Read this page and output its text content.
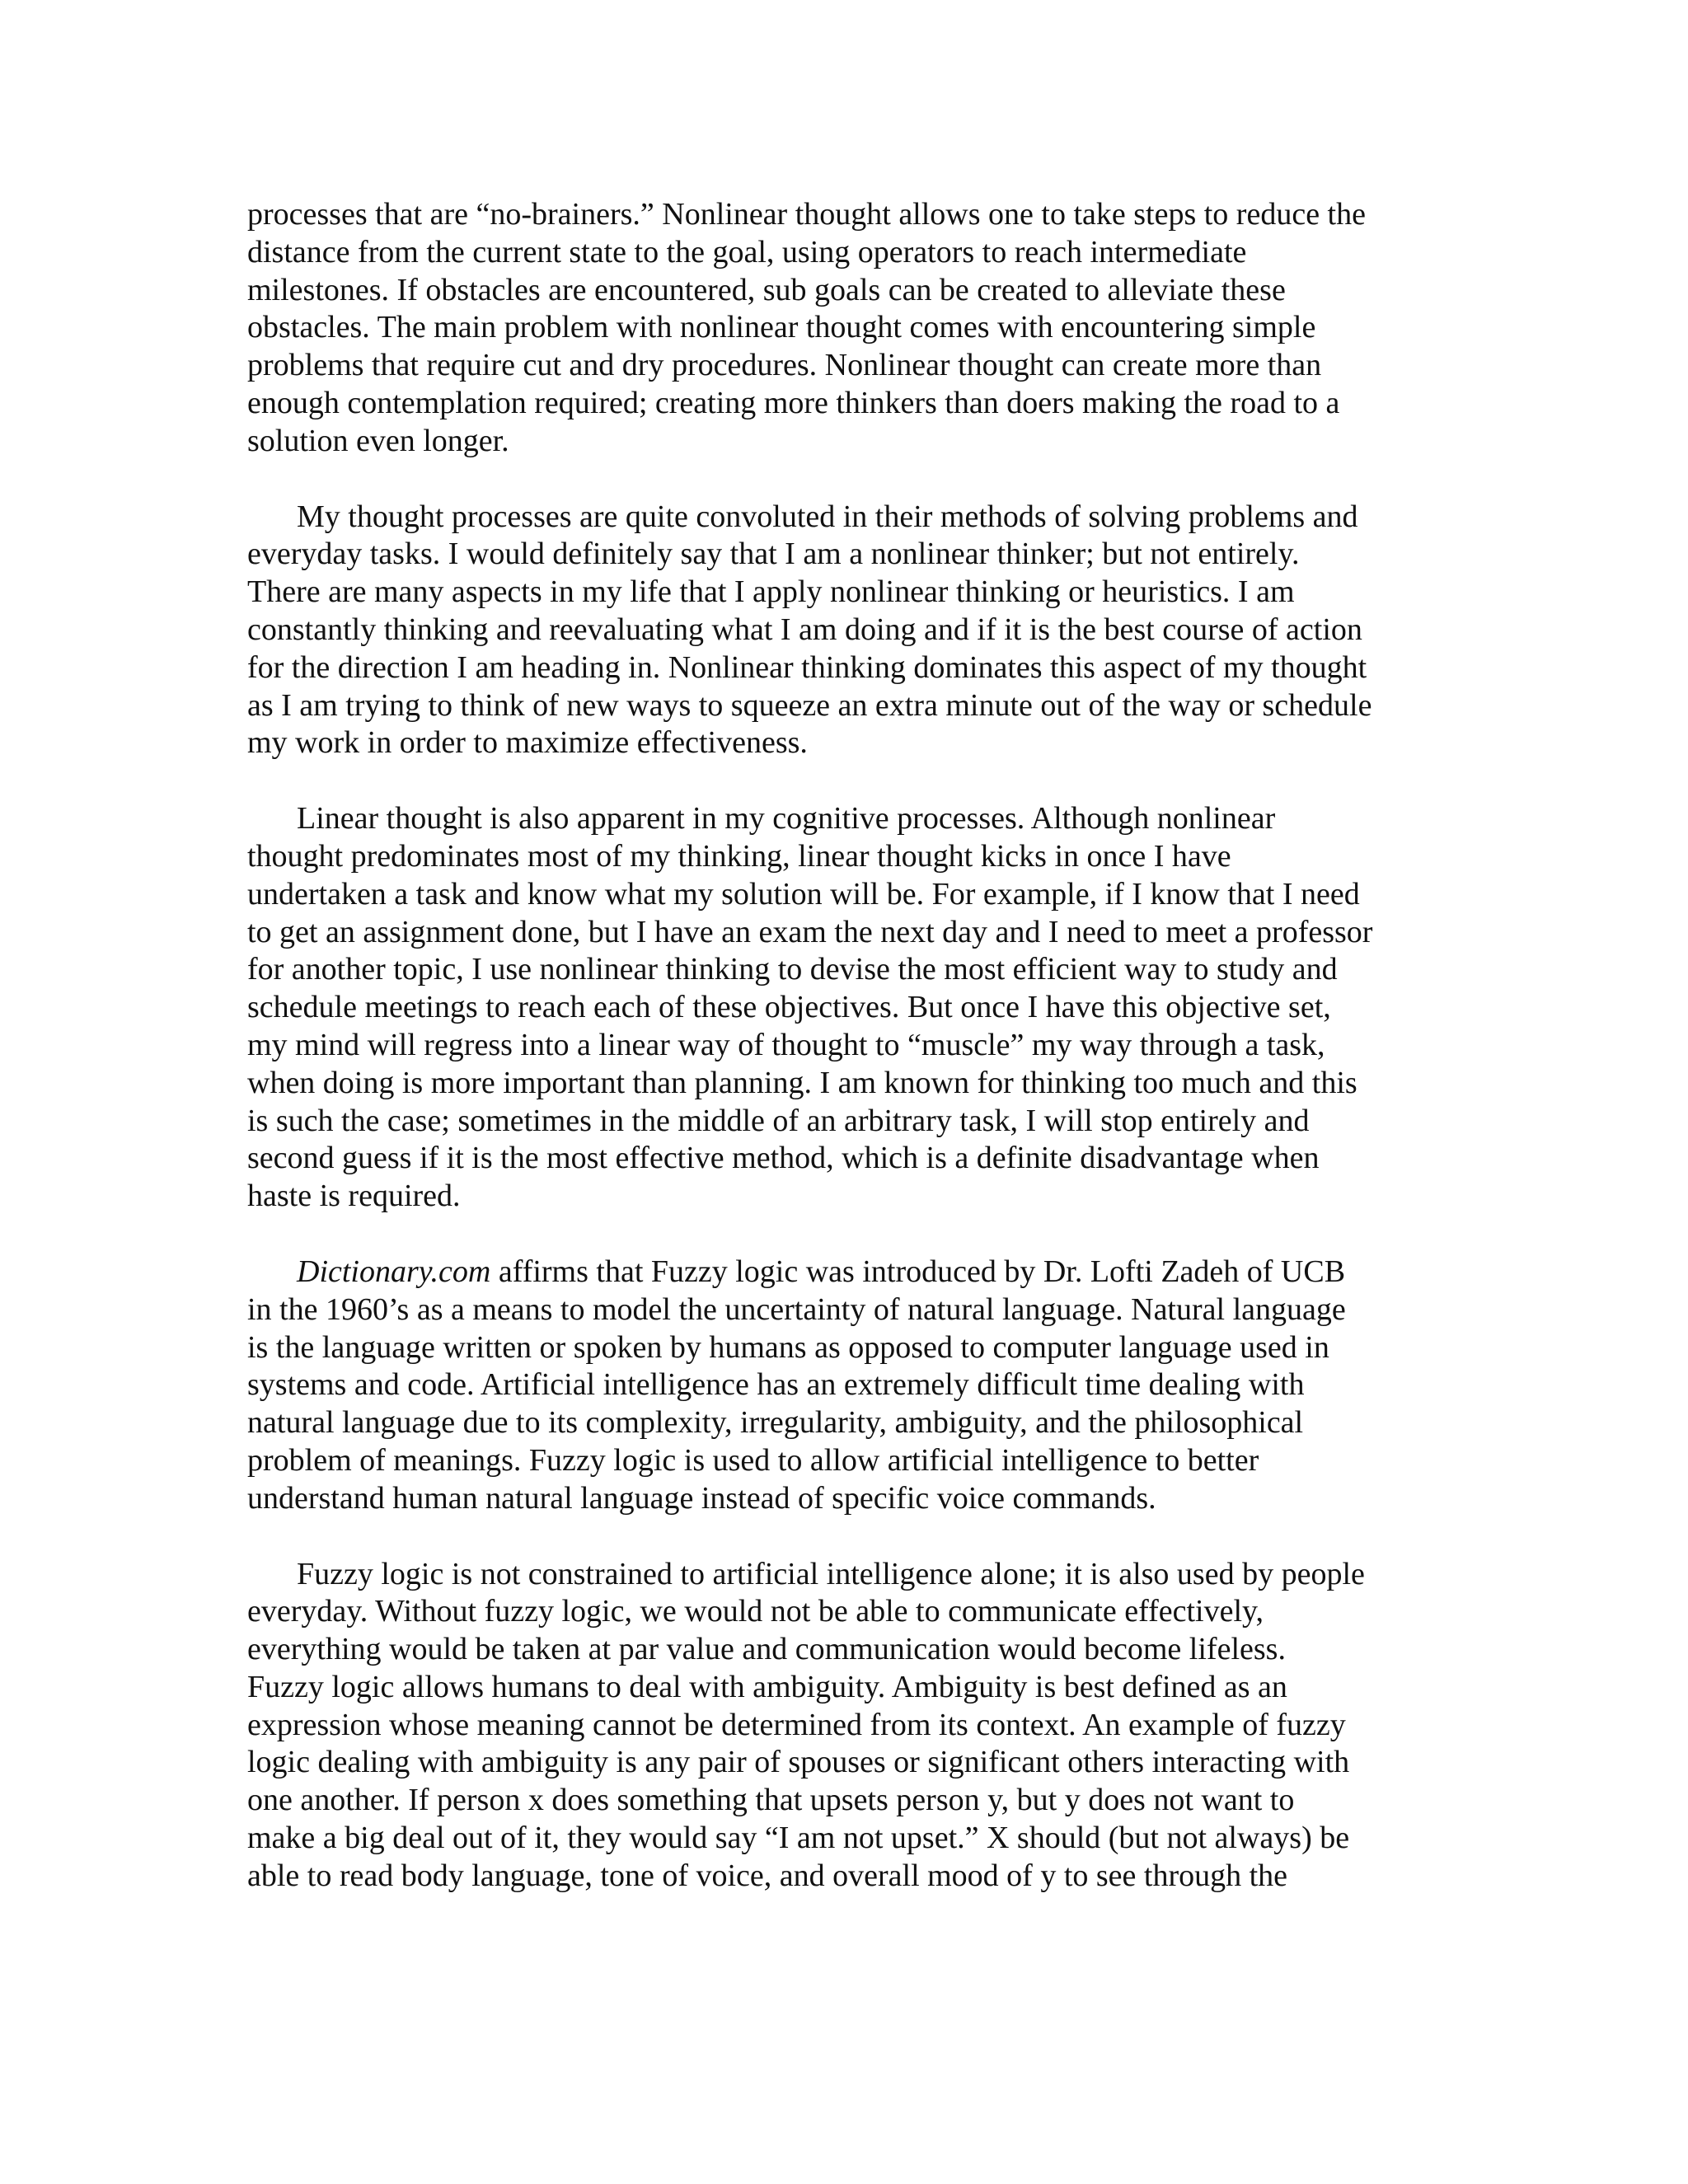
processes that are “no-brainers.” Nonlinear thought allows one to take steps to reduce the
distance from the current state to the goal, using operators to reach intermediate
milestones. If obstacles are encountered, sub goals can be created to alleviate these
obstacles. The main problem with nonlinear thought comes with encountering simple
problems that require cut and dry procedures. Nonlinear thought can create more than
enough contemplation required; creating more thinkers than doers making the road to a
solution even longer.

My thought processes are quite convoluted in their methods of solving problems and
everyday tasks. I would definitely say that I am a nonlinear thinker; but not entirely.
There are many aspects in my life that I apply nonlinear thinking or heuristics. I am
constantly thinking and reevaluating what I am doing and if it is the best course of action
for the direction I am heading in. Nonlinear thinking dominates this aspect of my thought
as I am trying to think of new ways to squeeze an extra minute out of the way or schedule
my work in order to maximize effectiveness.

Linear thought is also apparent in my cognitive processes. Although nonlinear
thought predominates most of my thinking, linear thought kicks in once I have
undertaken a task and know what my solution will be. For example, if I know that I need
to get an assignment done, but I have an exam the next day and I need to meet a professor
for another topic, I use nonlinear thinking to devise the most efficient way to study and
schedule meetings to reach each of these objectives. But once I have this objective set,
my mind will regress into a linear way of thought to “muscle” my way through a task,
when doing is more important than planning. I am known for thinking too much and this
is such the case; sometimes in the middle of an arbitrary task, I will stop entirely and
second guess if it is the most effective method, which is a definite disadvantage when
haste is required.

Dictionary.com affirms that Fuzzy logic was introduced by Dr. Lofti Zadeh of UCB
in the 1960’s as a means to model the uncertainty of natural language. Natural language
is the language written or spoken by humans as opposed to computer language used in
systems and code. Artificial intelligence has an extremely difficult time dealing with
natural language due to its complexity, irregularity, ambiguity, and the philosophical
problem of meanings. Fuzzy logic is used to allow artificial intelligence to better
understand human natural language instead of specific voice commands.

Fuzzy logic is not constrained to artificial intelligence alone; it is also used by people
everyday. Without fuzzy logic, we would not be able to communicate effectively,
everything would be taken at par value and communication would become lifeless.
Fuzzy logic allows humans to deal with ambiguity. Ambiguity is best defined as an
expression whose meaning cannot be determined from its context. An example of fuzzy
logic dealing with ambiguity is any pair of spouses or significant others interacting with
one another. If person x does something that upsets person y, but y does not want to
make a big deal out of it, they would say “I am not upset.” X should (but not always) be
able to read body language, tone of voice, and overall mood of y to see through the
